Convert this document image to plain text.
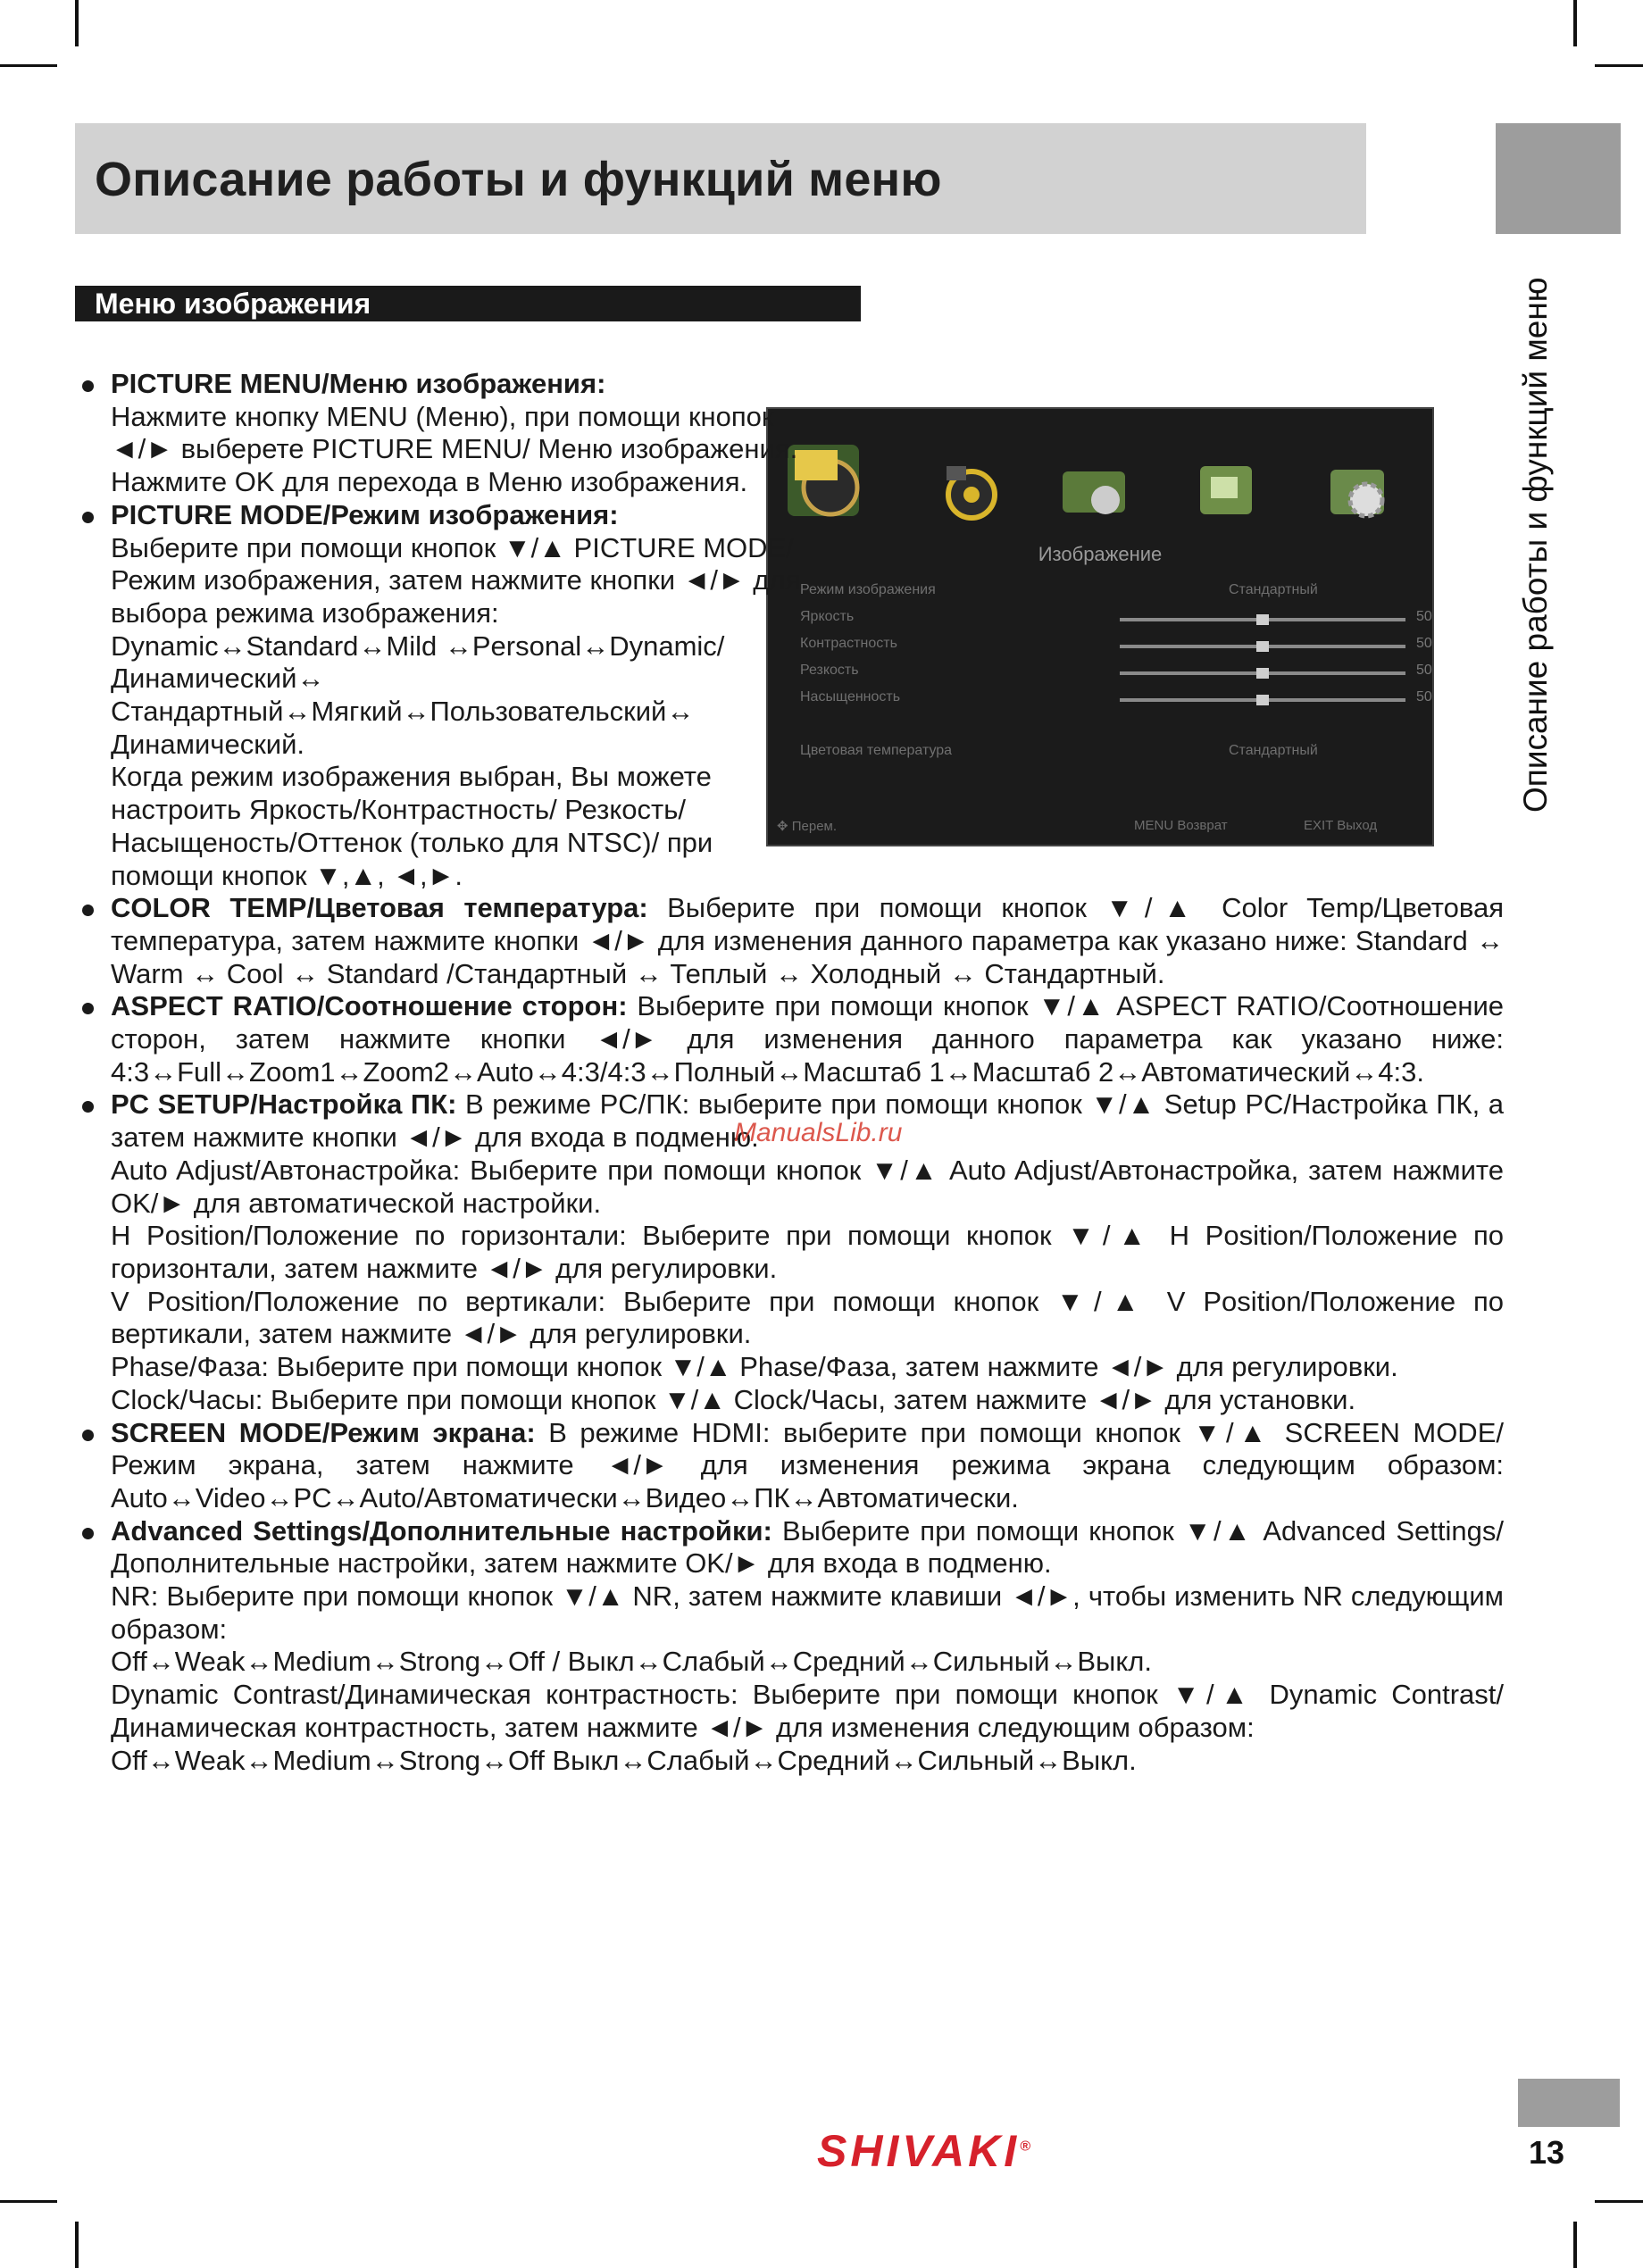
Описание работы и функций меню
Описание работы и функций меню
Меню изображения
Изображение
Режим изображения	Стандартный
Яркость	50
Контрастность	50
Резкость	50
Насыщенность	50
Цветовая температура	Стандартный
✥ Перем.	MENU Возврат	EXIT Выход
PICTURE MENU/Меню изображения:
Нажмите кнопку MENU (Меню), при помощи кнопок ◄/► выберете PICTURE MENU/ Меню изображения. Нажмите OK для перехода в Меню изображения.
PICTURE MODE/Режим изображения:
Выберите при помощи кнопок ▼/▲ PICTURE MODE/Режим изображения, затем нажмите кнопки ◄/► для выбора режима изображения: Dynamic↔Standard↔Mild ↔Personal↔Dynamic/Динамический↔ Стандартный↔Мягкий↔Пользовательский↔ Динамический.
Когда режим изображения выбран, Вы можете настроить Яркость/Контрастность/ Резкость/Насыщеность/Оттенок (только для NTSC)/ при помощи кнопок ▼,▲, ◄,►.
COLOR TEMP/Цветовая температура: Выберите при помощи кнопок ▼/▲ Color Temp/Цветовая температура, затем нажмите кнопки ◄/► для изменения данного параметра как указано ниже: Standard ↔ Warm ↔ Cool ↔ Standard /Стандартный ↔ Теплый ↔ Холодный ↔ Стандартный.
ASPECT RATIO/Соотношение сторон: Выберите при помощи кнопок ▼/▲ ASPECT RATIO/Соотношение сторон, затем нажмите кнопки ◄/► для изменения данного параметра как указано ниже: 4:3↔Full↔Zoom1↔Zoom2↔Auto↔4:3/4:3↔Полный↔Масштаб 1↔Масштаб 2↔Автоматический↔4:3.
PC SETUP/Настройка ПК: В режиме PC/ПК: выберите при помощи кнопок ▼/▲ Setup PC/Настройка ПК, а затем нажмите кнопки ◄/► для входа в подменю.

Auto Adjust/Автонастройка: Выберите при помощи кнопок ▼/▲ Auto Adjust/Автонастройка, затем нажмите OK/► для автоматической настройки.

H Position/Положение по горизонтали: Выберите при помощи кнопок ▼/▲ H Position/Положение по горизонтали, затем нажмите ◄/► для регулировки.

V Position/Положение по вертикали: Выберите при помощи кнопок ▼/▲ V Position/Положение по вертикали, затем нажмите ◄/► для регулировки.

Phase/Фаза: Выберите при помощи кнопок ▼/▲ Phase/Фаза, затем нажмите ◄/► для регулировки.

Clock/Часы: Выберите при помощи кнопок ▼/▲ Clock/Часы, затем нажмите ◄/► для установки.

SCREEN MODE/Режим экрана: В режиме HDMI: выберите при помощи кнопок ▼/▲ SCREEN MODE/Режим экрана, затем нажмите ◄/► для изменения режима экрана следующим образом: Auto↔Video↔PC↔Auto/Автоматически↔Видео↔ПК↔Автоматически.
Advanced Settings/Дополнительные настройки: Выберите при помощи кнопок ▼/▲ Advanced Settings/Дополнительные настройки, затем нажмите OK/► для входа в подменю.

NR: Выберите при помощи кнопок ▼/▲ NR, затем нажмите клавиши ◄/►, чтобы изменить NR следующим образом:

Off↔Weak↔Medium↔Strong↔Off / Выкл↔Слабый↔Средний↔Сильный↔Выкл.

Dynamic Contrast/Динамическая контрастность: Выберите при помощи кнопок ▼/▲ Dynamic Contrast/Динамическая контрастность, затем нажмите ◄/► для изменения следующим образом:

Off↔Weak↔Medium↔Strong↔Off Выкл↔Слабый↔Средний↔Сильный↔Выкл.

ManualsLib.ru
SHIVAKI®	13
